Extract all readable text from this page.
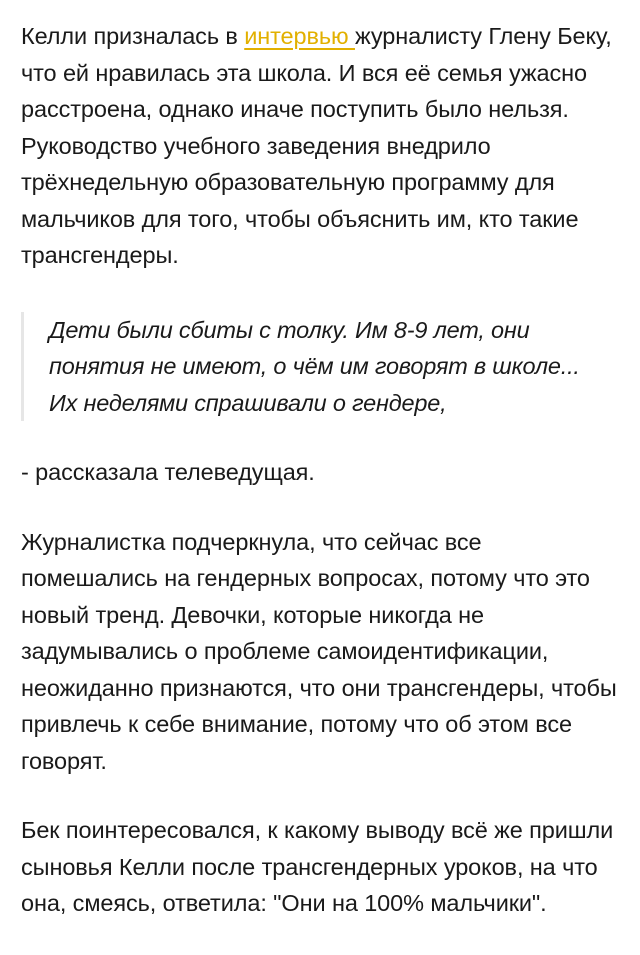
Келли призналась в интервью журналисту Глену Беку, что ей нравилась эта школа. И вся её семья ужасно расстроена, однако иначе поступить было нельзя. Руководство учебного заведения внедрило трёхнедельную образовательную программу для мальчиков для того, чтобы объяснить им, кто такие трансгендеры.

Дети были сбиты с толку. Им 8-9 лет, они понятия не имеют, о чём им говорят в школе... Их неделями спрашивали о гендере,

- рассказала телеведущая.

Журналистка подчеркнула, что сейчас все помешались на гендерных вопросах, потому что это новый тренд. Девочки, которые никогда не задумывались о проблеме самоидентификации, неожиданно признаются, что они трансгендеры, чтобы привлечь к себе внимание, потому что об этом все говорят.

Бек поинтересовался, к какому выводу всё же пришли сыновья Келли после трансгендерных уроков, на что она, смеясь, ответила: "Они на 100% мальчики".
